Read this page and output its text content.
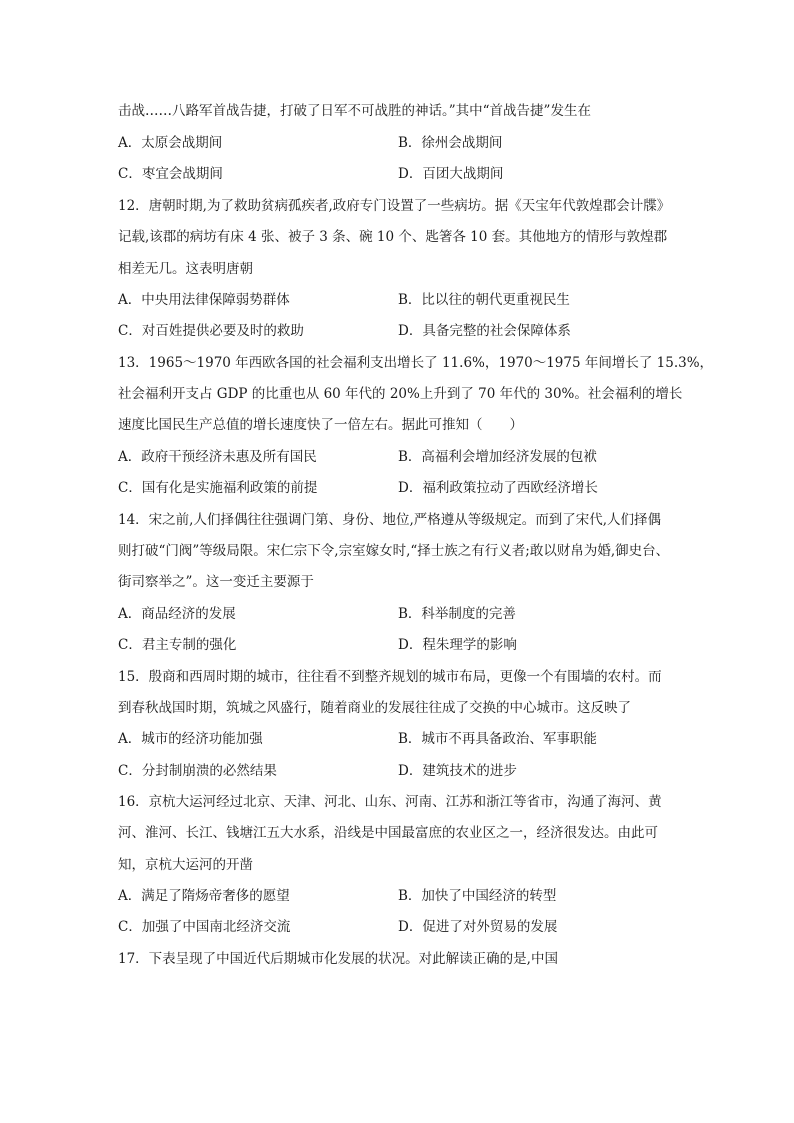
击战……八路军首战告捷，打破了日军不可战胜的神话。”其中“首战告捷”发生在
A．太原会战期间	B．徐州会战期间
C．枣宜会战期间	D．百团大战期间
12．唐朝时期,为了救助贫病孤疾者,政府专门设置了一些病坊。据《天宝年代敦煌郡会计牒》
记载,该郡的病坊有床 4 张、被子 3 条、碗 10 个、匙箸各 10 套。其他地方的情形与敦煌郡
相差无几。这表明唐朝
A．中央用法律保障弱势群体	B．比以往的朝代更重视民生
C．对百姓提供必要及时的救助	D．具备完整的社会保障体系
13．1965～1970 年西欧各国的社会福利支出增长了 11.6%，1970～1975 年间增长了 15.3%，
社会福利开支占 GDP 的比重也从 60 年代的 20%上升到了 70 年代的 30%。社会福利的增长
速度比国民生产总值的增长速度快了一倍左右。据此可推知（　　）
A．政府干预经济未惠及所有国民	B．高福利会增加经济发展的包袱
C．国有化是实施福利政策的前提	D．福利政策拉动了西欧经济增长
14．宋之前,人们择偶往往强调门第、身份、地位,严格遵从等级规定。而到了宋代,人们择偶
则打破“门阀”等级局限。宋仁宗下令,宗室嫁女时,“择士族之有行义者;敢以财帛为婚,御史台、
街司察举之”。这一变迁主要源于
A．商品经济的发展	B．科举制度的完善
C．君主专制的强化	D．程朱理学的影响
15．殷商和西周时期的城市，往往看不到整齐规划的城市布局，更像一个有围墙的农村。而
到春秋战国时期，筑城之风盛行，随着商业的发展往往成了交换的中心城市。这反映了
A．城市的经济功能加强	B．城市不再具备政治、军事职能
C．分封制崩溃的必然结果	D．建筑技术的进步
16．京杭大运河经过北京、天津、河北、山东、河南、江苏和浙江等省市，沟通了海河、黄
河、淮河、长江、钱塘江五大水系，沿线是中国最富庶的农业区之一，经济很发达。由此可
知，京杭大运河的开凿
A．满足了隋炀帝奢侈的愿望	B．加快了中国经济的转型
C．加强了中国南北经济交流	D．促进了对外贸易的发展
17．下表呈现了中国近代后期城市化发展的状况。对此解读正确的是,中国
